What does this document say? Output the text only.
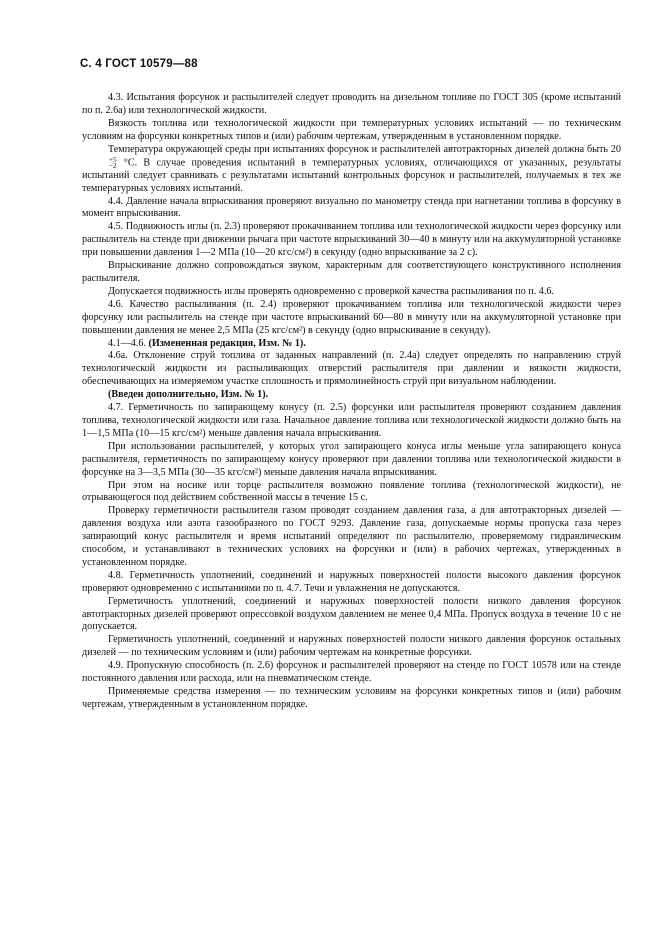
С. 4 ГОСТ 10579—88

4.3. Испытания форсунок и распылителей следует проводить на дизельном топливе по ГОСТ 305 (кроме испытаний по п. 2.6а) или технологической жидкости.

Вязкость топлива или технологической жидкости при температурных условиях испытаний — по техническим условиям на форсунки конкретных типов и (или) рабочим чертежам, утвержденным в установленном порядке.

Температура окружающей среды при испытаниях форсунок и распылителей автотракторных дизелей должна быть 20
+5
−2 °С. В случае проведения испытаний в температурных условиях, отличающихся от указанных, результаты испытаний следует сравнивать с результатами испытаний контрольных форсунок и распылителей, получаемых в тех же температурных условиях испытаний.

4.4. Давление начала впрыскивания проверяют визуально по манометру стенда при нагнетании топлива в форсунку в момент впрыскивания.

4.5. Подвижность иглы (п. 2.3) проверяют прокачиванием топлива или технологической жидкости через форсунку или распылитель на стенде при движении рычага при частоте впрыскиваний 30—40 в минуту или на аккумуляторной установке при повышении давления 1—2 МПа (10—20 кгс/см²) в секунду (одно впрыскивание за 2 с).

Впрыскивание должно сопровождаться звуком, характерным для соответствующего конструктивного исполнения распылителя.

Допускается подвижность иглы проверять одновременно с проверкой качества распыливания по п. 4.6.

4.6. Качество распыливания (п. 2.4) проверяют прокачиванием топлива или технологической жидкости через форсунку или распылитель на стенде при частоте впрыскиваний 60—80 в минуту или на аккумуляторной установке при повышении давления не менее 2,5 МПа (25 кгс/см²) в секунду (одно впрыскивание в секунду).

4.1—4.6. (Измененная редакция, Изм. № 1).

4.6а. Отклонение струй топлива от заданных направлений (п. 2.4а) следует определять по направлению струй технологической жидкости из распыливающих отверстий распылителя при давлении и вязкости жидкости, обеспечивающих на измеряемом участке сплошность и прямолинейность струй при визуальном наблюдении.

(Введен дополнительно, Изм. № 1).

4.7. Герметичность по запирающему конусу (п. 2.5) форсунки или распылителя проверяют созданием давления топлива, технологической жидкости или газа. Начальное давление топлива или технологической жидкости должно быть на 1—1,5 МПа (10—15 кгс/см²) меньше давления начала впрыскивания.

При использовании распылителей, у которых угол запирающего конуса иглы меньше угла запирающего конуса распылителя, герметичность по запирающему конусу проверяют при давлении топлива или технологической жидкости в форсунке на 3—3,5 МПа (30—35 кгс/см²) меньше давления начала впрыскивания.

При этом на носике или торце распылителя возможно появление топлива (технологической жидкости), не отрывающегося под действием собственной массы в течение 15 с.

Проверку герметичности распылителя газом проводят созданием давления газа, а для автотракторных дизелей — давления воздуха или азота газообразного по ГОСТ 9293. Давление газа, допускаемые нормы пропуска газа через запирающий конус распылителя и время испытаний определяют по распылителю, проверяемому гидравлическим способом, и устанавливают в технических условиях на форсунки и (или) в рабочих чертежах, утвержденных в установленном порядке.

4.8. Герметичность уплотнений, соединений и наружных поверхностей полости высокого давления форсунок проверяют одновременно с испытаниями по п. 4.7. Течи и увлажнения не допускаются.

Герметичность уплотнений, соединений и наружных поверхностей полости низкого давления форсунок автотракторных дизелей проверяют опрессовкой воздухом давлением не менее 0,4 МПа. Пропуск воздуха в течение 10 с не допускается.

Герметичность уплотнений, соединений и наружных поверхностей полости низкого давления форсунок остальных дизелей — по техническим условиям и (или) рабочим чертежам на конкретные форсунки.

4.9. Пропускную способность (п. 2.6) форсунок и распылителей проверяют на стенде по ГОСТ 10578 или на стенде постоянного давления или расхода, или на пневматическом стенде.

Применяемые средства измерения — по техническим условиям на форсунки конкретных типов и (или) рабочим чертежам, утвержденным в установленном порядке.
